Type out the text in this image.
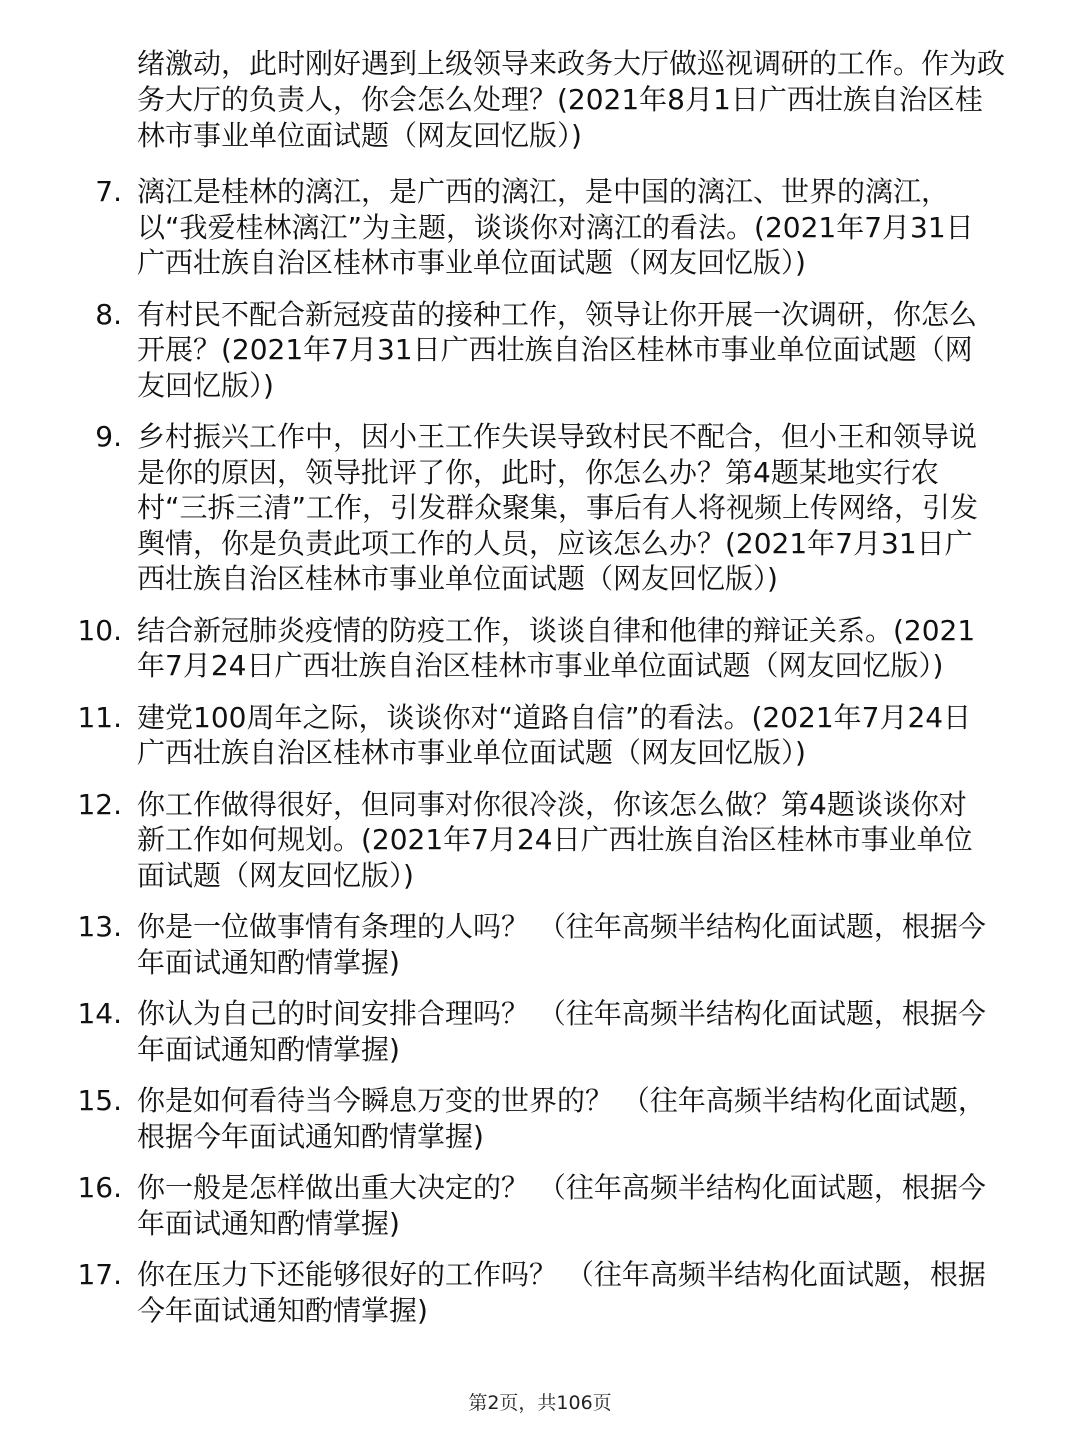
绪激动，此时刚好遇到上级领导来政务大厅做巡视调研的工作。作为政务大厅的负责人，你会怎么处理？(2021年8月1日广西壮族自治区桂林市事业单位面试题（网友回忆版）)
7. 漓江是桂林的漓江，是广西的漓江，是中国的漓江、世界的漓江，以“我爱桂林漓江”为主题，谈谈你对漓江的看法。(2021年7月31日广西壮族自治区桂林市事业单位面试题（网友回忆版）)
8. 有村民不配合新冠疫苗的接种工作，领导让你开展一次调研，你怎么开展？(2021年7月31日广西壮族自治区桂林市事业单位面试题（网友回忆版）)
9. 乡村振兴工作中，因小王工作失误导致村民不配合，但小王和领导说是你的原因，领导批评了你，此时，你怎么办？第4题某地实行农村“三拆三清”工作，引发群众聚集，事后有人将视频上传网络，引发舆情，你是负责此项工作的人员，应该怎么办？(2021年7月31日广西壮族自治区桂林市事业单位面试题（网友回忆版）)
10. 结合新冠肺炎疫情的防疫工作，谈谈自律和他律的辩证关系。(2021年7月24日广西壮族自治区桂林市事业单位面试题（网友回忆版）)
11. 建党100周年之际，谈谈你对“道路自信”的看法。(2021年7月24日广西壮族自治区桂林市事业单位面试题（网友回忆版）)
12. 你工作做得很好，但同事对你很冷淡，你该怎么做？第4题谈谈你对新工作如何规划。(2021年7月24日广西壮族自治区桂林市事业单位面试题（网友回忆版）)
13. 你是一位做事情有条理的人吗？ （往年高频半结构化面试题，根据今年面试通知酌情掌握)
14. 你认为自己的时间安排合理吗？ （往年高频半结构化面试题，根据今年面试通知酌情掌握)
15. 你是如何看待当今瞬息万变的世界的？ （往年高频半结构化面试题，根据今年面试通知酌情掌握)
16. 你一般是怎样做出重大决定的？ （往年高频半结构化面试题，根据今年面试通知酌情掌握)
17. 你在压力下还能够很好的工作吗？ （往年高频半结构化面试题，根据今年面试通知酌情掌握)
第2页，共106页
